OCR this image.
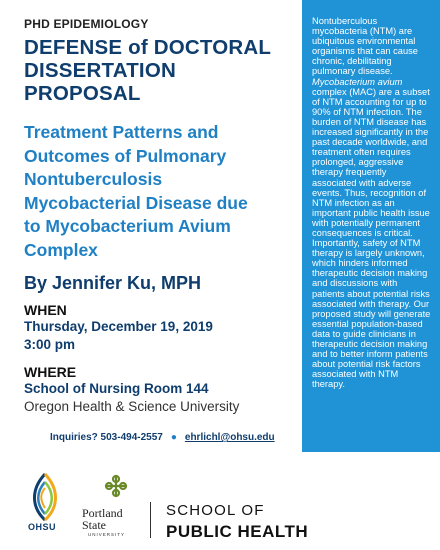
PHD EPIDEMIOLOGY
DEFENSE of DOCTORAL
DISSERTATION PROPOSAL
Treatment Patterns and
Outcomes of Pulmonary
Nontuberculosis
Mycobacterial Disease due
to Mycobacterium Avium
Complex
By Jennifer Ku, MPH
WHEN
Thursday, December 19, 2019
3:00 pm
WHERE
School of Nursing Room 144
Oregon Health & Science University
Inquiries? 503-494-2557 ● ehrlichl@ohsu.edu
Nontuberculous mycobacteria (NTM) are ubiquitous environmental organisms that can cause chronic, debilitating pulmonary disease. Mycobacterium avium complex (MAC) are a subset of NTM accounting for up to 90% of NTM infection. The burden of NTM disease has increased significantly in the past decade worldwide, and treatment often requires prolonged, aggressive therapy frequently associated with adverse events. Thus, recognition of NTM infection as an important public health issue with potentially permanent consequences is critical. Importantly, safety of NTM therapy is largely unknown, which hinders informed therapeutic decision making and discussions with patients about potential risks associated with therapy. Our proposed study will generate essential population-based data to guide clinicians in therapeutic decision making and to better inform patients about potential risk factors associated with NTM therapy.
OHSU
Portland State
UNIVERSITY
SCHOOL OF
PUBLIC HEALTH
